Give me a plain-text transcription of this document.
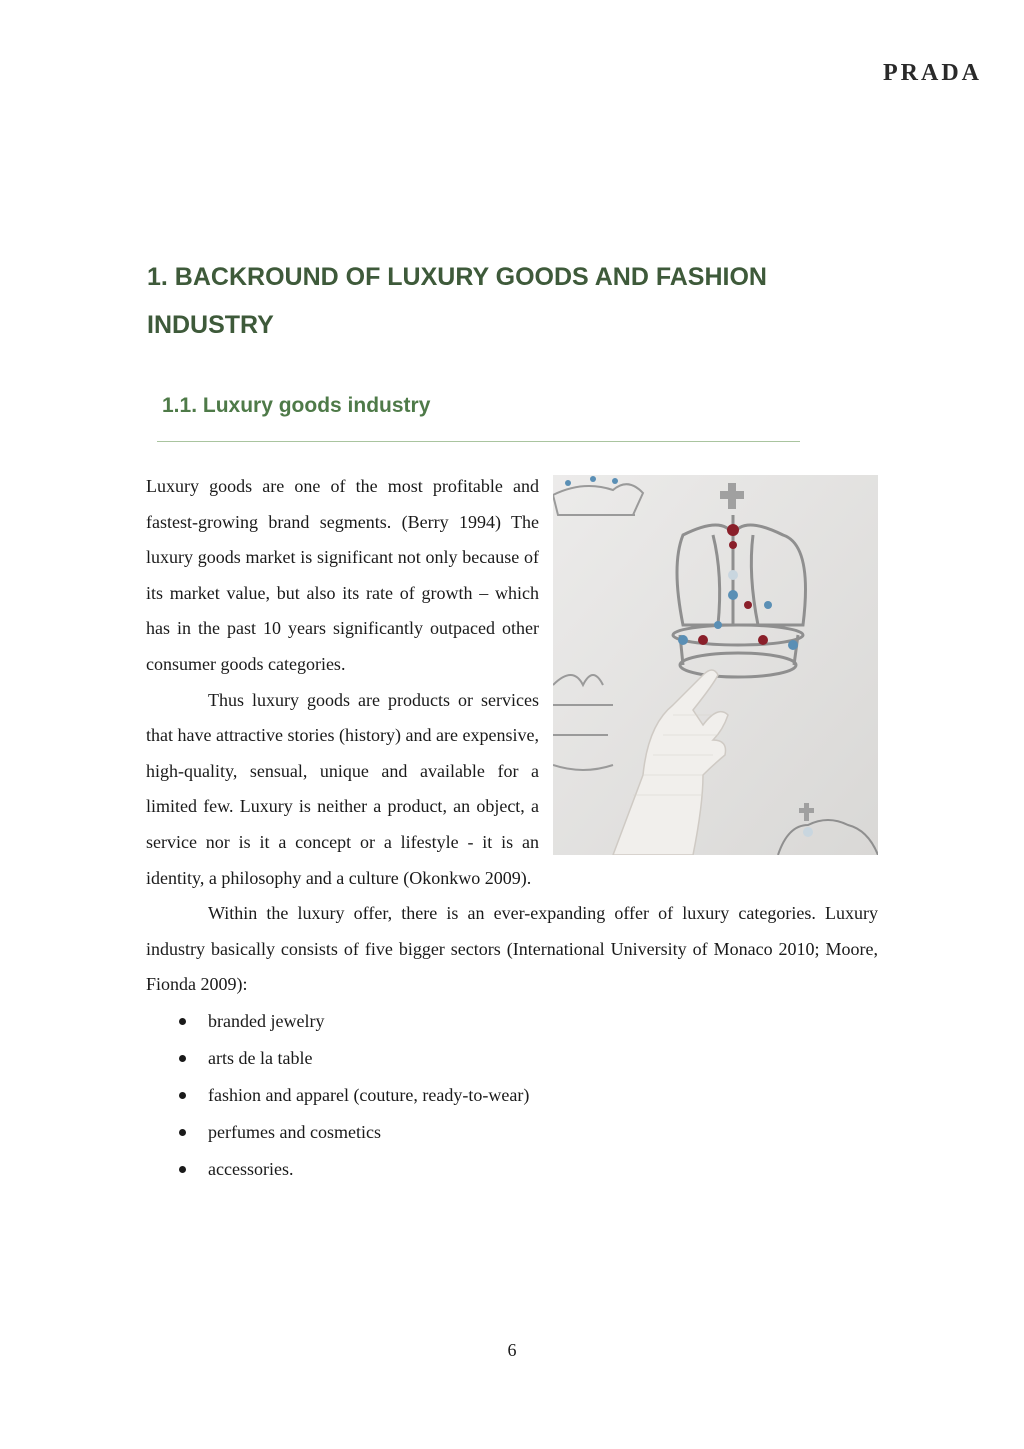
PRADA
1. BACKROUND OF LUXURY GOODS AND FASHION INDUSTRY
1.1. Luxury goods industry

Luxury goods are one of the most profitable and fastest-growing brand segments. (Berry 1994) The luxury goods market is significant not only because of its market value, but also its rate of growth – which has in the past 10 years significantly outpaced other consumer goods categories.

Thus luxury goods are products or services that have attractive stories (history) and are expensive, high-quality, sensual, unique and available for a limited few. Luxury is neither a product, an object, a service nor is it a concept or a lifestyle - it is an identity, a philosophy and a culture (Okonkwo 2009).

Within the luxury offer, there is an ever-expanding offer of luxury categories. Luxury industry basically consists of five bigger sectors (International University of Monaco 2010; Moore, Fionda 2009):

branded jewelry
arts de la table
fashion and apparel (couture, ready-to-wear)
perfumes and cosmetics
accessories.
6
